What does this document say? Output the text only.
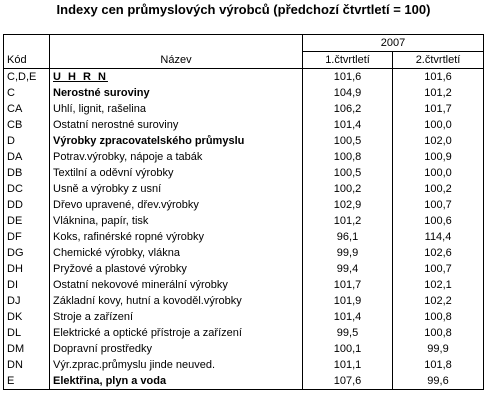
Indexy cen průmyslových výrobců (předchozí čtvrtletí = 100)
Kód	Název	2007	
		1.čtvrtletí	2.čtvrtletí
C,D,E	U H R N	101,6	101,6
C	Nerostné suroviny	104,9	101,2
CA	Uhlí, lignit, rašelina	106,2	101,7
CB	Ostatní nerostné suroviny	101,4	100,0
D	Výrobky zpracovatelského průmyslu	100,5	102,0
DA	Potrav.výrobky, nápoje a tabák	100,8	100,9
DB	Textilní a oděvní výrobky	100,5	100,0
DC	Usně a výrobky z usní	100,2	100,2
DD	Dřevo upravené, dřev.výrobky	102,9	100,7
DE	Vláknina, papír, tisk	101,2	100,6
DF	Koks, rafinérské ropné výrobky	96,1	114,4
DG	Chemické výrobky, vlákna	99,9	102,6
DH	Pryžové a plastové výrobky	99,4	100,7
DI	Ostatní nekovové minerální výrobky	101,7	102,1
DJ	Základní kovy, hutní a kovoděl.výrobky	101,9	102,2
DK	Stroje a zařízení	101,4	100,8
DL	Elektrické a optické přístroje a zařízení	99,5	100,8
DM	Dopravní prostředky	100,1	99,9
DN	Výr.zprac.průmyslu jinde neuved.	101,1	101,8
E	Elektřina, plyn a voda	107,6	99,6
